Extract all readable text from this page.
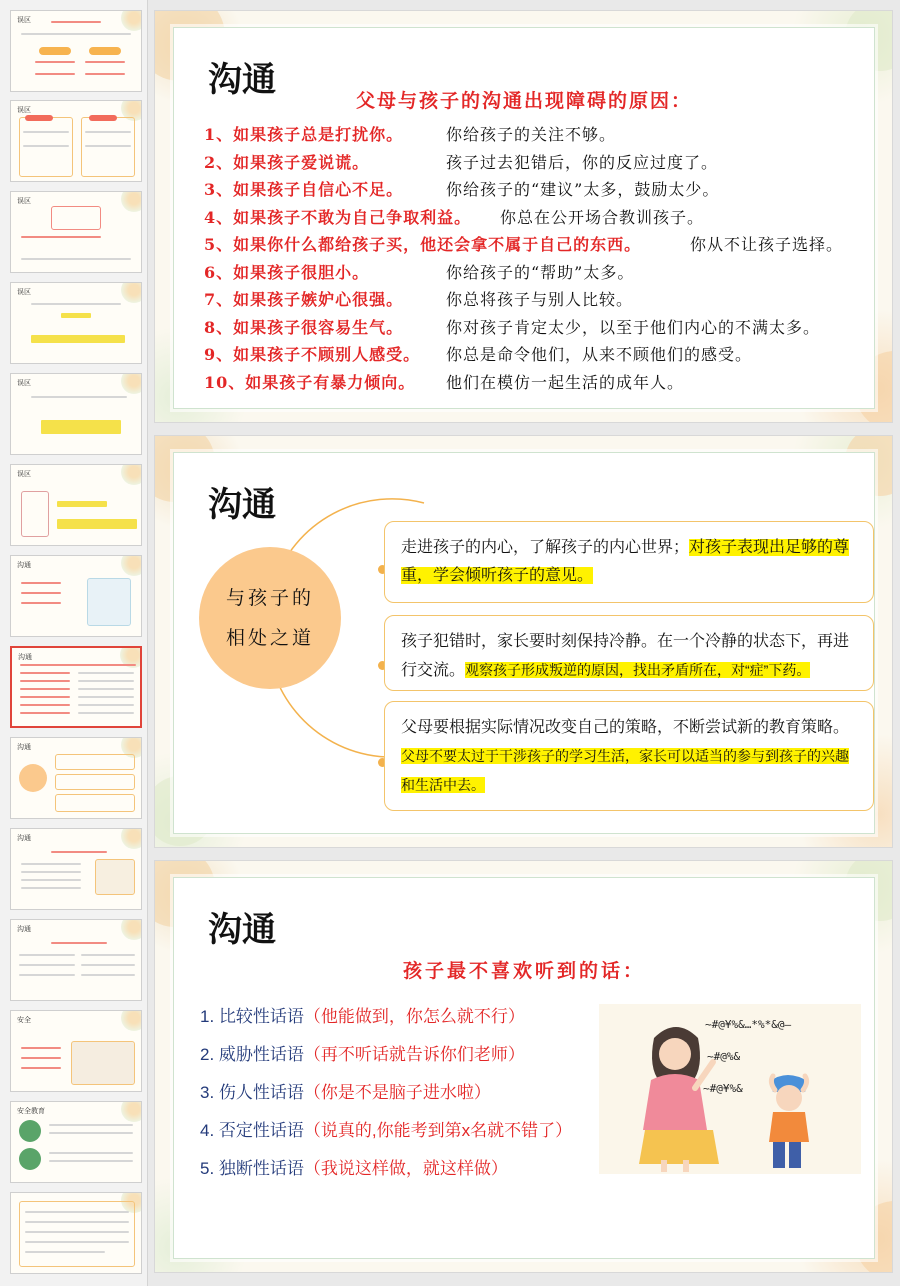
误区
误区
误区
误区
误区
误区
沟通
沟通
沟通
沟通
沟通
安全
安全教育
沟通
父母与孩子的沟通出现障碍的原因：
1、如果孩子总是打扰你。	你给孩子的关注不够。
2、如果孩子爱说谎。	孩子过去犯错后，你的反应过度了。
3、如果孩子自信心不足。	你给孩子的“建议”太多，鼓励太少。
4、如果孩子不敢为自己争取利益。 你总在公开场合教训孩子。
5、如果你什么都给孩子买，他还会拿不属于自己的东西。	你从不让孩子选择。
6、如果孩子很胆小。	你给孩子的“帮助”太多。
7、如果孩子嫉妒心很强。	你总将孩子与别人比较。
8、如果孩子很容易生气。	你对孩子肯定太少，以至于他们内心的不满太多。
9、如果孩子不顾别人感受。 你总是命令他们，从来不顾他们的感受。
10、如果孩子有暴力倾向。 他们在模仿一起生活的成年人。
沟通
与孩子的
相处之道
走进孩子的内心，了解孩子的内心世界；对孩子表现出足够的尊重，学会倾听孩子的意见。
孩子犯错时，家长要时刻保持冷静。在一个冷静的状态下，再进行交流。观察孩子形成叛逆的原因，找出矛盾所在，对“症”下药。
父母要根据实际情况改变自己的策略，不断尝试新的教育策略。父母不要太过于干涉孩子的学习生活，家长可以适当的参与到孩子的兴趣和生活中去。
沟通
孩子最不喜欢听到的话：
1. 比较性话语（他能做到，你怎么就不行）
2. 威胁性话语（再不听话就告诉你们老师）
3. 伤人性话语（你是不是脑子进水啦）
4. 否定性话语（说真的,你能考到第x名就不错了）
5. 独断性话语（我说这样做，就这样做）
~#@¥%&…*%*&@–
~#@%&
~#@¥%&
